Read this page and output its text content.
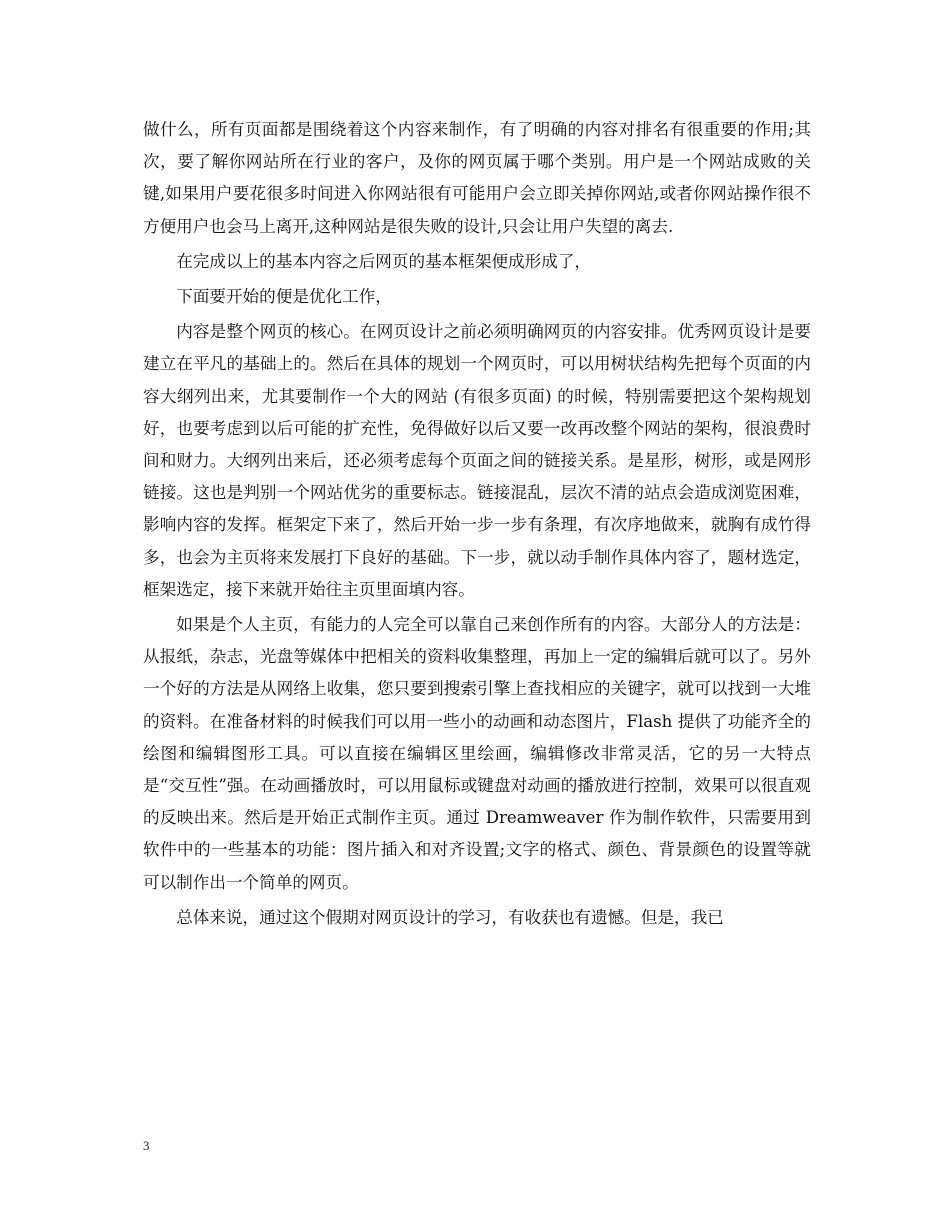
做什么，所有页面都是围绕着这个内容来制作，有了明确的内容对排名有很重要的作用;其次，要了解你网站所在行业的客户，及你的网页属于哪个类别。用户是一个网站成败的关键,如果用户要花很多时间进入你网站很有可能用户会立即关掉你网站,或者你网站操作很不方便用户也会马上离开,这种网站是很失败的设计,只会让用户失望的离去.

在完成以上的基本内容之后网页的基本框架便成形成了，

下面要开始的便是优化工作，

内容是整个网页的核心。在网页设计之前必须明确网页的内容安排。优秀网页设计是要建立在平凡的基础上的。然后在具体的规划一个网页时，可以用树状结构先把每个页面的内容大纲列出来，尤其要制作一个大的网站 (有很多页面) 的时候，特别需要把这个架构规划好，也要考虑到以后可能的扩充性，免得做好以后又要一改再改整个网站的架构，很浪费时间和财力。大纲列出来后，还必须考虑每个页面之间的链接关系。是星形，树形，或是网形链接。这也是判别一个网站优劣的重要标志。链接混乱，层次不清的站点会造成浏览困难，影响内容的发挥。框架定下来了，然后开始一步一步有条理，有次序地做来，就胸有成竹得多，也会为主页将来发展打下良好的基础。下一步，就以动手制作具体内容了，题材选定，框架选定，接下来就开始往主页里面填内容。

如果是个人主页，有能力的人完全可以靠自己来创作所有的内容。大部分人的方法是：从报纸，杂志，光盘等媒体中把相关的资料收集整理，再加上一定的编辑后就可以了。另外一个好的方法是从网络上收集，您只要到搜索引擎上查找相应的关键字，就可以找到一大堆的资料。在准备材料的时候我们可以用一些小的动画和动态图片，Flash 提供了功能齐全的绘图和编辑图形工具。可以直接在编辑区里绘画，编辑修改非常灵活，它的另一大特点是“交互性”强。在动画播放时，可以用鼠标或键盘对动画的播放进行控制，效果可以很直观的反映出来。然后是开始正式制作主页。通过 Dreamweaver 作为制作软件，只需要用到软件中的一些基本的功能：图片插入和对齐设置;文字的格式、颜色、背景颜色的设置等就可以制作出一个简单的网页。

总体来说，通过这个假期对网页设计的学习，有收获也有遗憾。但是，我已

3
